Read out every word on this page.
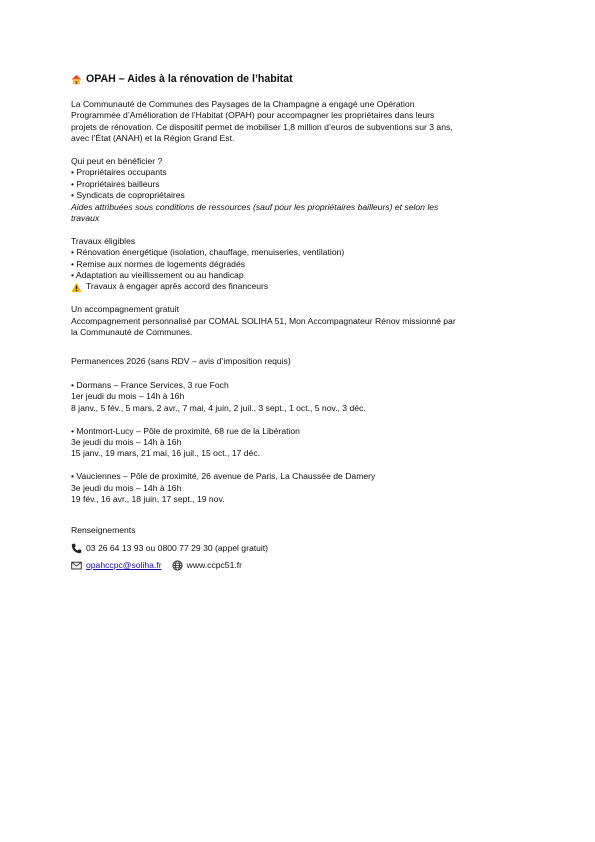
OPAH – Aides à la rénovation de l’habitat

La Communauté de Communes des Paysages de la Champagne a engagé une Opération

Programmée d’Amélioration de l’Habitat (OPAH) pour accompagner les propriétaires dans leurs

projets de rénovation. Ce dispositif permet de mobiliser 1,8 million d’euros de subventions sur 3 ans,

avec l’État (ANAH) et la Région Grand Est.

Qui peut en bénéficier ?

• Propriétaires occupants

• Propriétaires bailleurs

• Syndicats de copropriétaires

Aides attribuées sous conditions de ressources (sauf pour les propriétaires bailleurs) et selon les

travaux

Travaux éligibles

• Rénovation énergétique (isolation, chauffage, menuiseries, ventilation)

• Remise aux normes de logements dégradés

• Adaptation au vieillissement ou au handicap

Travaux à engager après accord des financeurs

Un accompagnement gratuit

Accompagnement personnalisé par COMAL SOLIHA 51, Mon Accompagnateur Rénov missionné par

la Communauté de Communes.

Permanences 2026 (sans RDV – avis d’imposition requis)

• Dormans – France Services, 3 rue Foch

1er jeudi du mois – 14h à 16h

8 janv., 5 fév., 5 mars, 2 avr., 7 mai, 4 juin, 2 juil., 3 sept., 1 oct., 5 nov., 3 déc.

• Montmort-Lucy – Pôle de proximité, 68 rue de la Libération

3e jeudi du mois – 14h à 16h

15 janv., 19 mars, 21 mai, 16 juil., 15 oct., 17 déc.

• Vauciennes – Pôle de proximité, 26 avenue de Paris, La Chaussée de Damery

3e jeudi du mois – 14h à 16h

19 fév., 16 avr., 18 juin, 17 sept., 19 nov.

Renseignements

03 26 64 13 93 ou 0800 77 29 30 (appel gratuit)
opahccpc@soliha.fr	www.ccpc51.fr
